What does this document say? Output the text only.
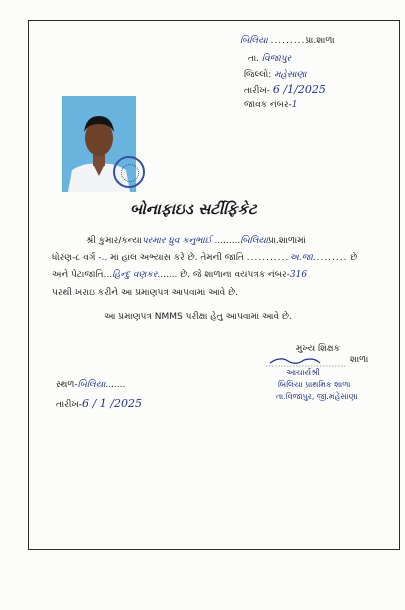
બિલિયા .........પ્રા.શાળા
તા. વિજાપુર
જિલ્લો: મહેસાણા
તારીખ- 6 /1/2025
જાવક નંબર-1
બોનાફાઇડ સર્ટીફિકેટ
શ્રી કુમાર/કન્યાપરમાર ધ્રુવ કનુભાઈ .........બિલિયાપ્રા.શાળામાં
ધોરણ-૮ વર્ગ -.. માં હાલ અભ્યાસ કરે છે. તેમની જાતિ ...........અ.જા......... છે
અને પેટાજાતિ...હિન્દુ વણકર....... છે. જે શાળાના વયપત્રક નંબર-316
પરથી ખરાઇ કરીને આ પ્રમાણપત્ર આપવામાં આવે છે.
આ પ્રમાણપત્ર NMMS પરીક્ષા હેતુ આપવામાં આવે છે.
મુખ્ય શિક્ષક
શાળા
આચાર્યશ્રી
બિલિયા પ્રાથમિક શાળા
તા.વિજાપુર, જી.મહેસાણા
સ્થળ-બિલિયા.......
તારીખ-6 / 1 /2025
